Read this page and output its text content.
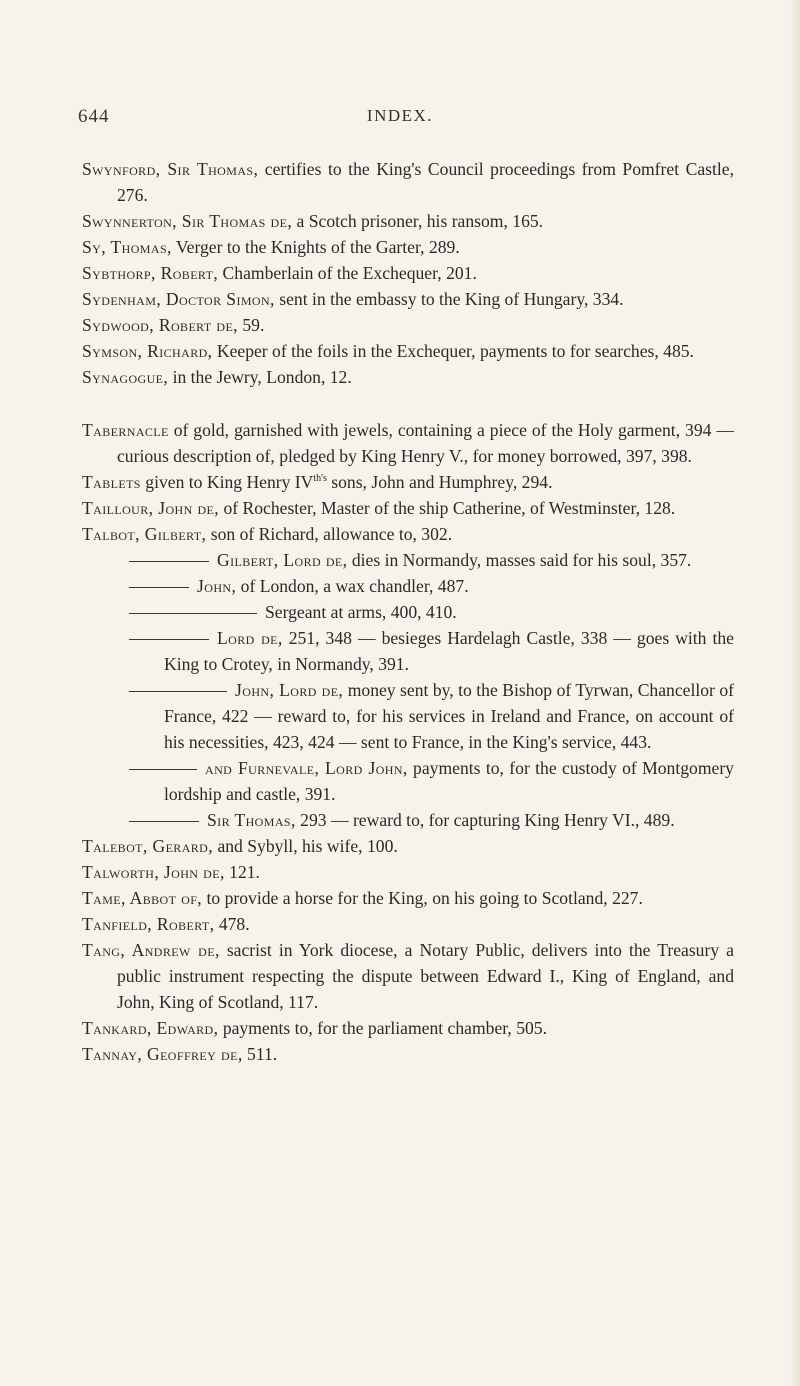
644	INDEX.

Swynford, Sir Thomas, certifies to the King's Council proceedings from Pomfret Castle, 276.

Swynnerton, Sir Thomas de, a Scotch prisoner, his ransom, 165.

Sy, Thomas, Verger to the Knights of the Garter, 289.

Sybthorp, Robert, Chamberlain of the Exchequer, 201.

Sydenham, Doctor Simon, sent in the embassy to the King of Hungary, 334.

Sydwood, Robert de, 59.

Symson, Richard, Keeper of the foils in the Exchequer, payments to for searches, 485.

Synagogue, in the Jewry, London, 12.

Tabernacle of gold, garnished with jewels, containing a piece of the Holy garment, 394 — curious description of, pledged by King Henry V., for money borrowed, 397, 398.

Tablets given to King Henry $IV^{th's}$ sons, John and Humphrey, 294.

Taillour, John de, of Rochester, Master of the ship Catherine, of Westminster, 128.

Talbot, Gilbert, son of Richard, allowance to, 302.

Gilbert, Lord de, dies in Normandy, masses said for his soul, 357.

John, of London, a wax chandler, 487.

Sergeant at arms, 400, 410.

Lord de, 251, 348 — besieges Hardelagh Castle, 338 — goes with the King to Crotey, in Normandy, 391.

John, Lord de, money sent by, to the Bishop of Tyrwan, Chancellor of France, 422 — reward to, for his services in Ireland and France, on account of his necessities, 423, 424 — sent to France, in the King's service, 443.

and Furnevale, Lord John, payments to, for the custody of Montgomery lordship and castle, 391.

Sir Thomas, 293 — reward to, for capturing King Henry VI., 489.

Talebot, Gerard, and Sybyll, his wife, 100.

Talworth, John de, 121.

Tame, Abbot of, to provide a horse for the King, on his going to Scotland, 227.

Tanfield, Robert, 478.

Tang, Andrew de, sacrist in York diocese, a Notary Public, delivers into the Treasury a public instrument respecting the dispute between Edward I., King of England, and John, King of Scotland, 117.

Tankard, Edward, payments to, for the parliament chamber, 505.

Tannay, Geoffrey de, 511.
